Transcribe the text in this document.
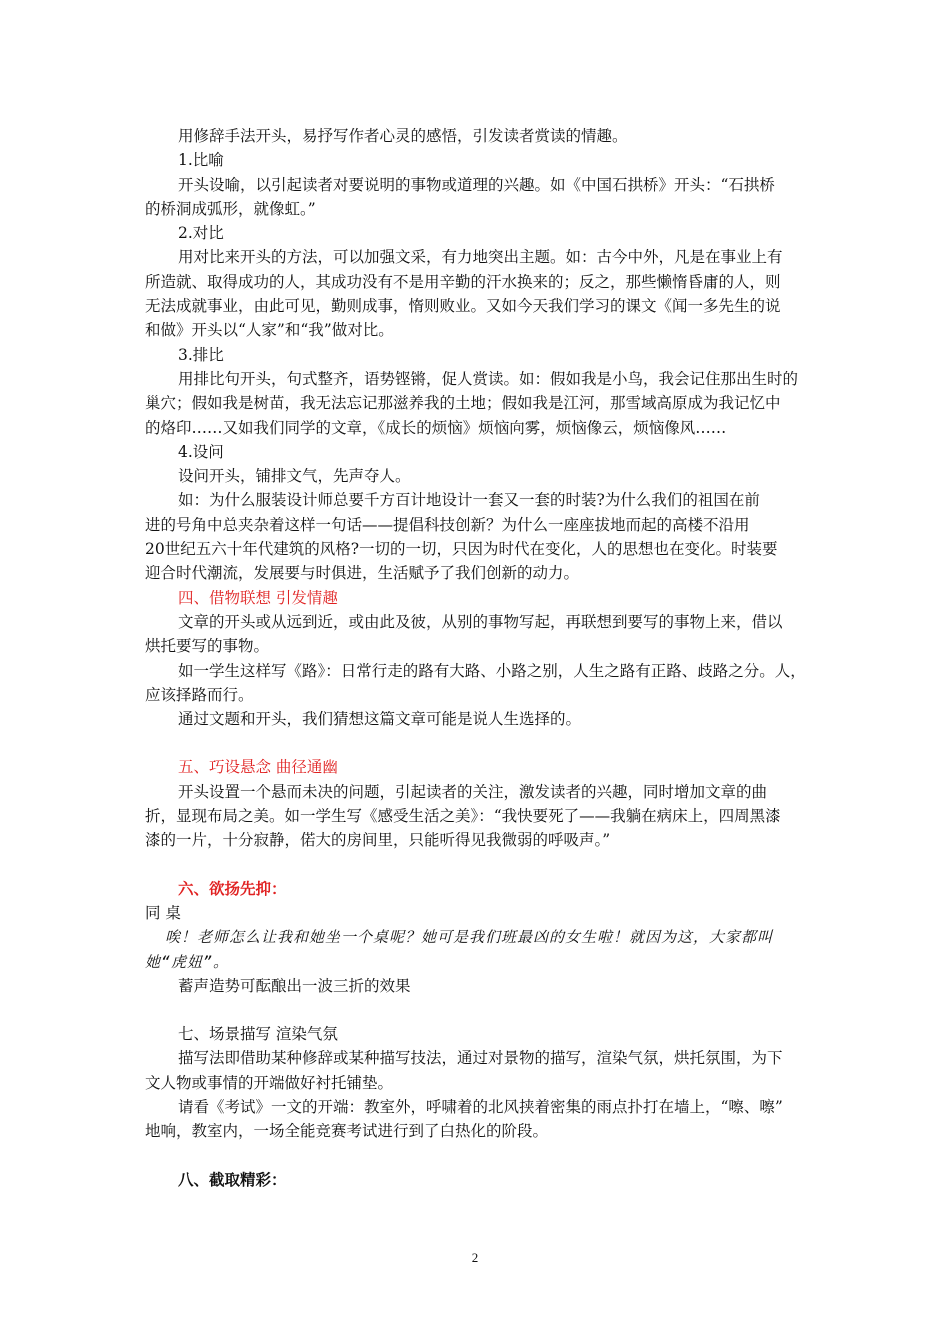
用修辞手法开头，易抒写作者心灵的感悟，引发读者赏读的情趣。
1.比喻
开头设喻，以引起读者对要说明的事物或道理的兴趣。如《中国石拱桥》开头：“石拱桥
的桥洞成弧形，就像虹。”
2.对比
用对比来开头的方法，可以加强文采，有力地突出主题。如：古今中外，凡是在事业上有
所造就、取得成功的人，其成功没有不是用辛勤的汗水换来的；反之，那些懒惰昏庸的人，则
无法成就事业，由此可见，勤则成事，惰则败业。又如今天我们学习的课文《闻一多先生的说
和做》开头以“人家”和“我”做对比。
3.排比
用排比句开头，句式整齐，语势铿锵，促人赏读。如：假如我是小鸟，我会记住那出生时的
巢穴；假如我是树苗，我无法忘记那滋养我的土地；假如我是江河，那雪域高原成为我记忆中
的烙印……又如我们同学的文章，《成长的烦恼》烦恼向雾，烦恼像云，烦恼像风……
4.设问
设问开头，铺排文气，先声夺人。
如：为什么服装设计师总要千方百计地设计一套又一套的时装?为什么我们的祖国在前
进的号角中总夹杂着这样一句话——提倡科技创新？为什么一座座拔地而起的高楼不沿用
20世纪五六十年代建筑的风格?一切的一切，只因为时代在变化，人的思想也在变化。时装要
迎合时代潮流，发展要与时俱进，生活赋予了我们创新的动力。
四、借物联想 引发情趣
文章的开头或从远到近，或由此及彼，从别的事物写起，再联想到要写的事物上来，借以
烘托要写的事物。
如一学生这样写《路》：日常行走的路有大路、小路之别，人生之路有正路、歧路之分。人，
应该择路而行。
通过文题和开头，我们猜想这篇文章可能是说人生选择的。
五、巧设悬念 曲径通幽
开头设置一个悬而未决的问题，引起读者的关注，激发读者的兴趣，同时增加文章的曲
折，显现布局之美。如一学生写《感受生活之美》：“我快要死了——我躺在病床上，四周黑漆
漆的一片，十分寂静，偌大的房间里，只能听得见我微弱的呼吸声。”
六、欲扬先抑：
同 桌
唉！老师怎么让我和她坐一个桌呢？她可是我们班最凶的女生啦！就因为这，大家都叫
她“虎妞”。
蓄声造势可酝酿出一波三折的效果
七、场景描写 渲染气氛
描写法即借助某种修辞或某种描写技法，通过对景物的描写，渲染气氛，烘托氛围，为下
文人物或事情的开端做好衬托铺垫。
请看《考试》一文的开端：教室外，呼啸着的北风挟着密集的雨点扑打在墙上，“嚓、嚓”
地响，教室内，一场全能竞赛考试进行到了白热化的阶段。
八、截取精彩：
2
